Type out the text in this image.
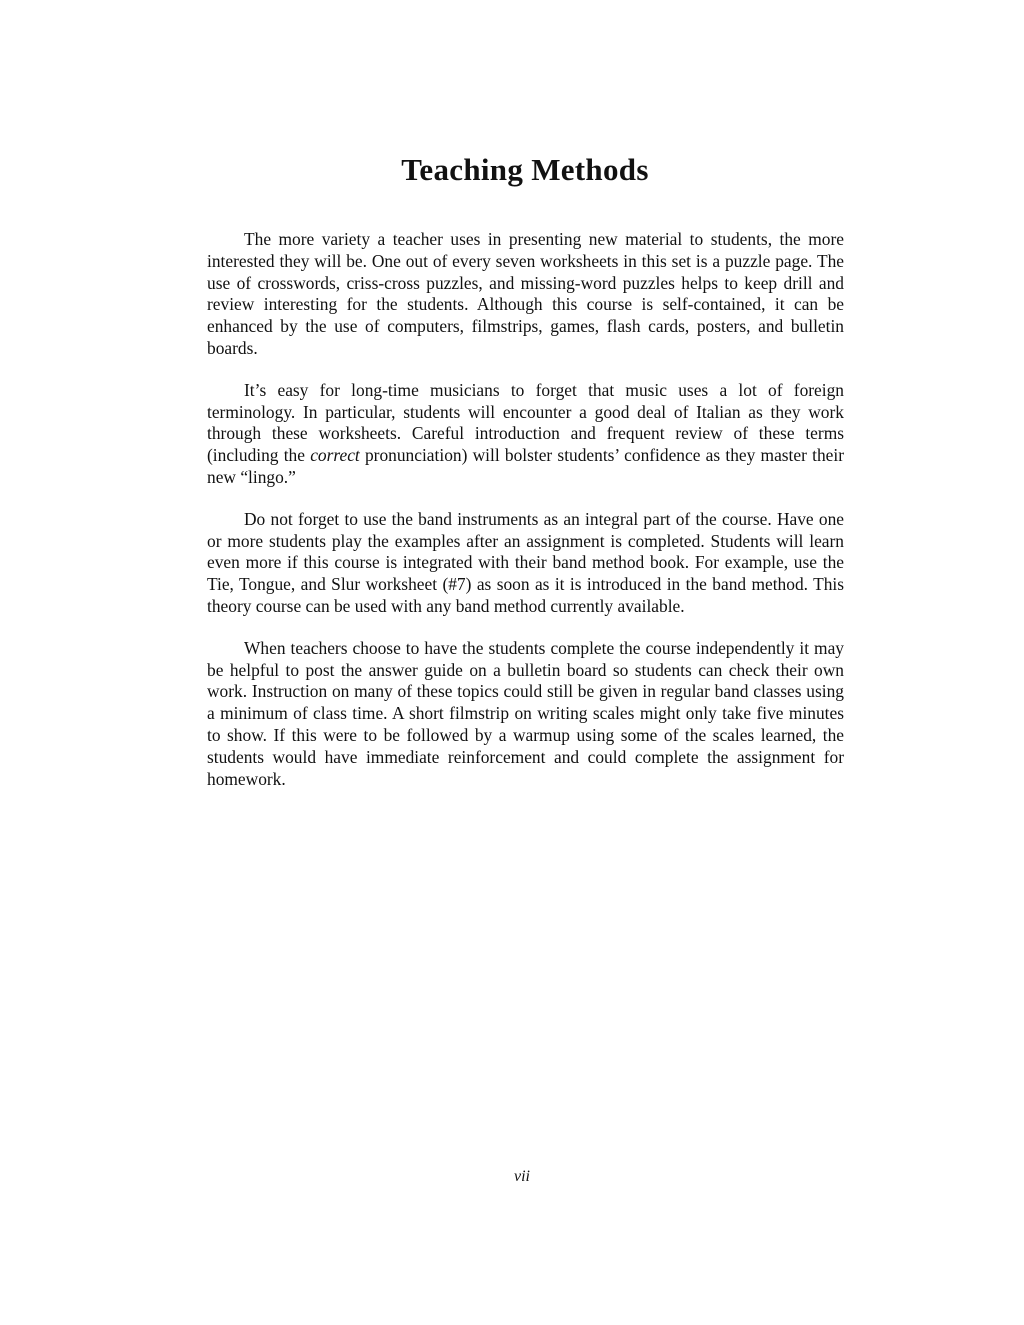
Teaching Methods

The more variety a teacher uses in presenting new material to students, the more interested they will be. One out of every seven worksheets in this set is a puzzle page. The use of crosswords, criss-cross puzzles, and missing-word puzzles helps to keep drill and review interesting for the students. Although this course is self-contained, it can be enhanced by the use of computers, filmstrips, games, flash cards, posters, and bulletin boards.

It’s easy for long-time musicians to forget that music uses a lot of foreign terminology. In particular, students will encounter a good deal of Italian as they work through these worksheets. Careful introduction and frequent review of these terms (including the correct pronunciation) will bolster students’ confidence as they master their new “lingo.”

Do not forget to use the band instruments as an integral part of the course. Have one or more students play the examples after an assignment is completed. Students will learn even more if this course is integrated with their band method book. For example, use the Tie, Tongue, and Slur worksheet (#7) as soon as it is introduced in the band method. This theory course can be used with any band method currently available.

When teachers choose to have the students complete the course independently it may be helpful to post the answer guide on a bulletin board so students can check their own work. Instruction on many of these topics could still be given in regular band classes using a minimum of class time. A short filmstrip on writing scales might only take five minutes to show. If this were to be followed by a warmup using some of the scales learned, the students would have immediate reinforcement and could complete the assignment for homework.

vii
